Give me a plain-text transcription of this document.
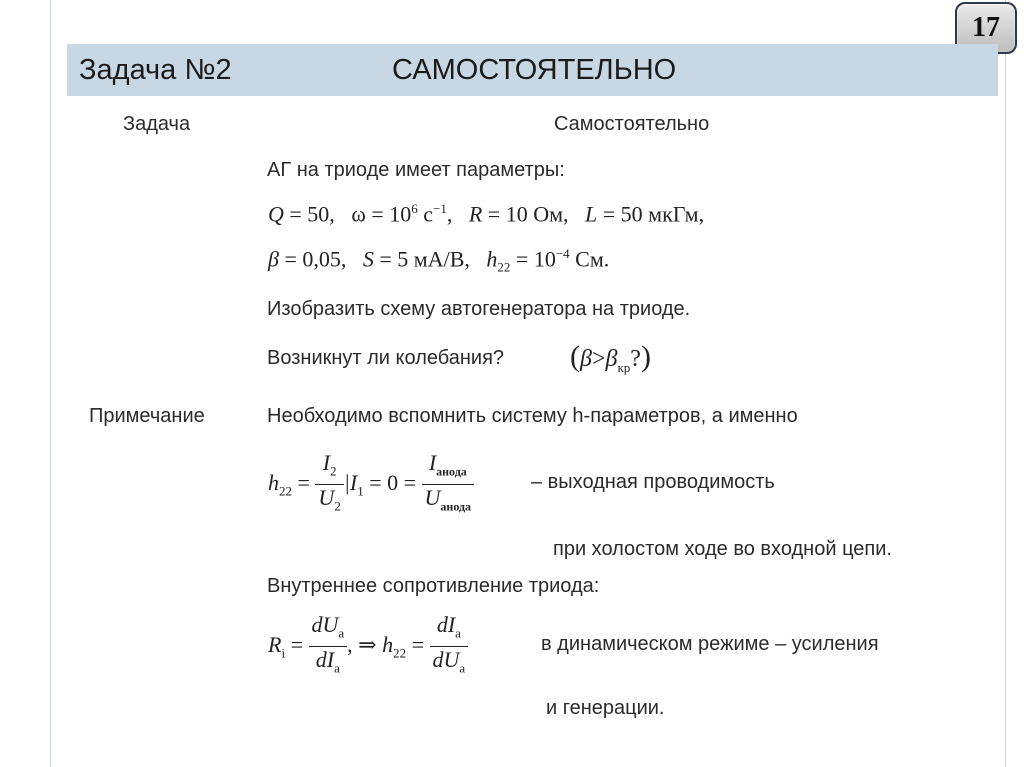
17
Задача №2	САМОСТОЯТЕЛЬНО
Задача	Самостоятельно
АГ на триоде имеет параметры:
Q = 50, $\omega = 10^6$ $с^{-1}$, R = 10 Ом, L = 50 мкГм,
β = 0,05, S = 5 мА/В, $h_{22} = 10^{-4}$ См.
Изобразить схему автогенератора на триоде.
Возникнут ли колебания? $(\beta>\beta_{кр}?)$
Примечание	Необходимо вспомнить систему h-параметров, а именно
$h_{22} = \frac{I_2}{U_2} |I_1 = 0 = \frac{I_{анода}}{U_{анода}}$	– выходная проводимость
при холостом ходе во входной цепи.
Внутреннее сопротивление триода:
$R_i = \frac{dU_а}{dI_а}$ , ⇒ $h_{22} = \frac{dI_а}{dU_а}$	в динамическом режиме – усиления
и генерации.
